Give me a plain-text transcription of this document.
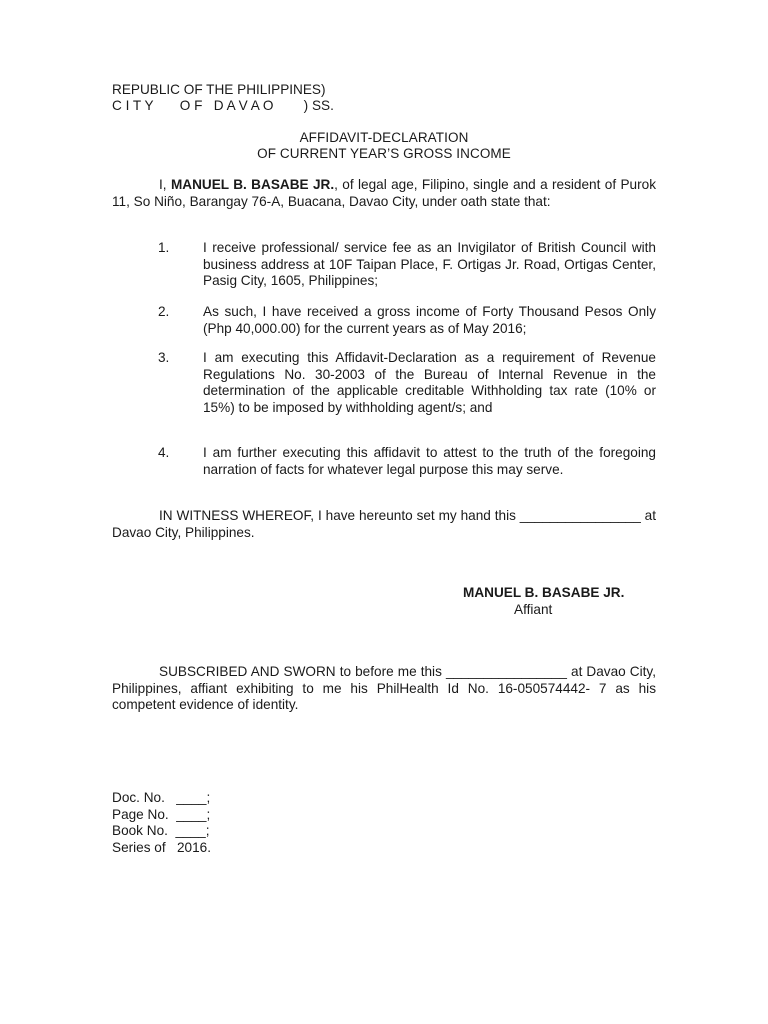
REPUBLIC OF THE PHILIPPINES)
C I T Y       O F   D A V A O        ) SS.
AFFIDAVIT-DECLARATION
OF CURRENT YEAR’S GROSS INCOME
I, MANUEL B. BASABE JR., of legal age, Filipino, single and a resident of Purok 11, So Niño, Barangay 76-A, Buacana, Davao City, under oath state that:
1. I receive professional/ service fee as an Invigilator of British Council with business address at 10F Taipan Place, F. Ortigas Jr. Road, Ortigas Center, Pasig City, 1605, Philippines;
2. As such, I have received a gross income of Forty Thousand Pesos Only (Php 40,000.00) for the current years as of May 2016;
3. I am executing this Affidavit-Declaration as a requirement of Revenue Regulations No. 30-2003 of the Bureau of Internal Revenue in the determination of the applicable creditable Withholding tax rate (10% or 15%) to be imposed by withholding agent/s; and
4. I am further executing this affidavit to attest to the truth of the foregoing narration of facts for whatever legal purpose this may serve.
IN WITNESS WHEREOF, I have hereunto set my hand this ________________ at Davao City, Philippines.
MANUEL B. BASABE JR.
Affiant
SUBSCRIBED AND SWORN to before me this ________________ at Davao City, Philippines, affiant exhibiting to me his PhilHealth Id No. 16-050574442- 7 as his competent evidence of identity.
Doc. No.   ____;
Page No.  ____;
Book No.  ____;
Series of   2016.
